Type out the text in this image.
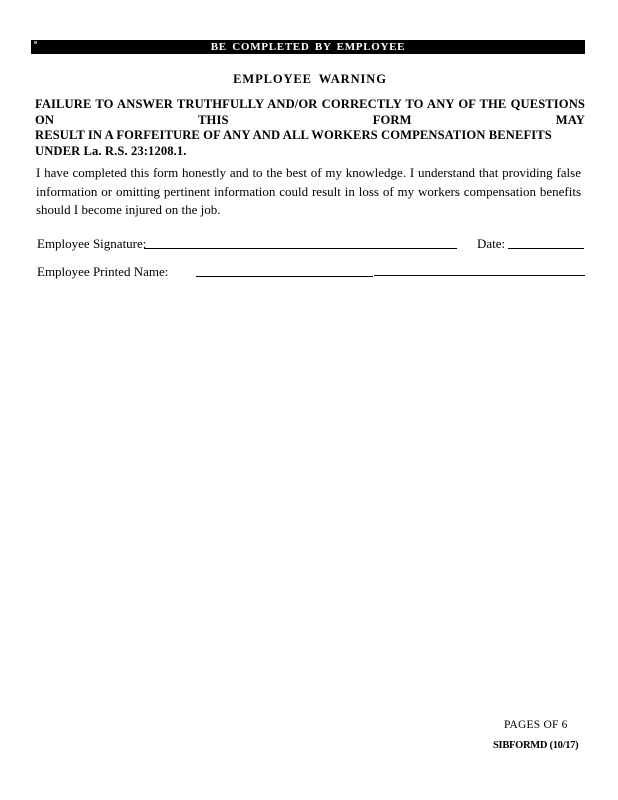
BE COMPLETED BY EMPLOYEE
EMPLOYEE WARNING
FAILURE TO ANSWER TRUTHFULLY AND/OR CORRECTLY TO ANY OF THE QUESTIONS ON THIS FORM MAY
RESULT IN A FORFEITURE OF ANY AND ALL WORKERS COMPENSATION BENEFITS UNDER La. R.S. 23:1208.1.
I have completed this form honestly and to the best of my knowledge. I understand that providing false
information or omitting pertinent information could result in loss of my workers compensation benefits
should I become injured on the job.
Employee Signature:	Date:
Employee Printed Name:
PAGES OF 6
SIBFORMD (10/17)
